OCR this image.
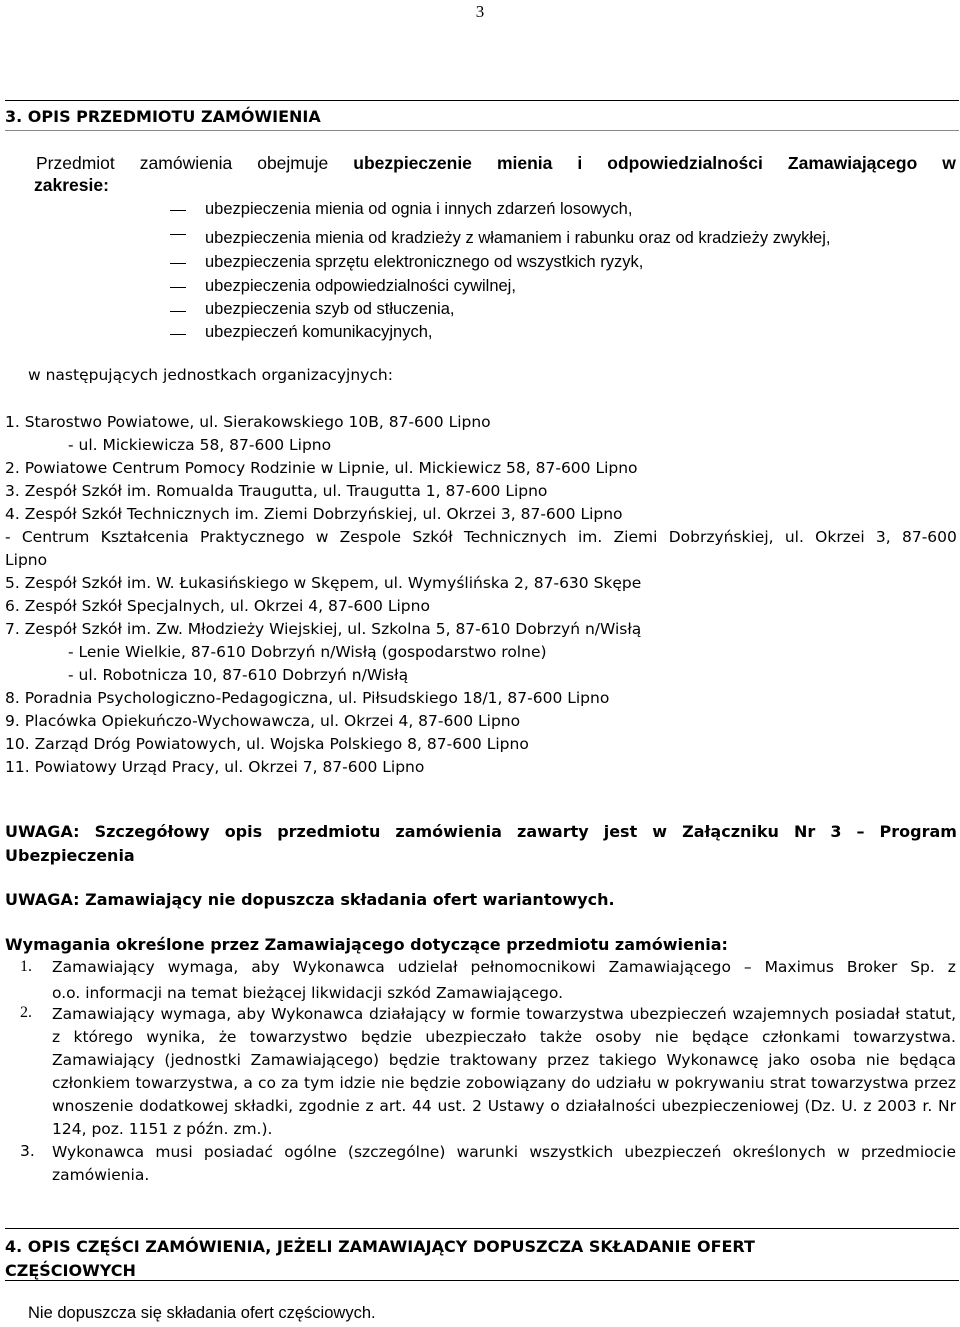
3
3. OPIS PRZEDMIOTU ZAMÓWIENIA
Przedmiot zamówienia obejmuje ubezpieczenie mienia i odpowiedzialności Zamawiającego w
zakresie:
ubezpieczenia mienia od ognia i innych zdarzeń losowych,
ubezpieczenia mienia od kradzieży z włamaniem i rabunku oraz od kradzieży zwykłej,
ubezpieczenia sprzętu elektronicznego od wszystkich ryzyk,
ubezpieczenia odpowiedzialności cywilnej,
ubezpieczenia szyb od stłuczenia,
ubezpieczeń komunikacyjnych,
w następujących jednostkach organizacyjnych:
1. Starostwo Powiatowe, ul. Sierakowskiego 10B, 87-600 Lipno
- ul. Mickiewicza 58, 87-600 Lipno
2. Powiatowe Centrum Pomocy Rodzinie w Lipnie, ul. Mickiewicz 58, 87-600 Lipno
3. Zespół Szkół im. Romualda Traugutta, ul. Traugutta 1, 87-600 Lipno
4. Zespół Szkół Technicznych im. Ziemi Dobrzyńskiej, ul. Okrzei 3, 87-600 Lipno
- Centrum Kształcenia Praktycznego w Zespole Szkół Technicznych im. Ziemi Dobrzyńskiej, ul. Okrzei 3, 87-600
Lipno
5. Zespół Szkół im. W. Łukasińskiego w Skępem, ul. Wymyślińska 2, 87-630 Skępe
6. Zespół Szkół Specjalnych, ul. Okrzei 4, 87-600 Lipno
7. Zespół Szkół im. Zw. Młodzieży Wiejskiej, ul. Szkolna 5, 87-610 Dobrzyń n/Wisłą
- Lenie Wielkie, 87-610 Dobrzyń n/Wisłą (gospodarstwo rolne)
- ul. Robotnicza 10, 87-610 Dobrzyń n/Wisłą
8. Poradnia Psychologiczno-Pedagogiczna, ul. Piłsudskiego 18/1, 87-600 Lipno
9. Placówka Opiekuńczo-Wychowawcza, ul. Okrzei 4, 87-600 Lipno
10. Zarząd Dróg Powiatowych, ul. Wojska Polskiego 8, 87-600 Lipno
11. Powiatowy Urząd Pracy, ul. Okrzei 7, 87-600 Lipno
UWAGA: Szczegółowy opis przedmiotu zamówienia zawarty jest w Załączniku Nr 3 – Program
Ubezpieczenia
UWAGA: Zamawiający nie dopuszcza składania ofert wariantowych.
Wymagania określone przez Zamawiającego dotyczące przedmiotu zamówienia:
1. Zamawiający wymaga, aby Wykonawca udzielał pełnomocnikowi Zamawiającego – Maximus Broker Sp. z
o.o. informacji na temat bieżącej likwidacji szkód Zamawiającego.
2. Zamawiający wymaga, aby Wykonawca działający w formie towarzystwa ubezpieczeń wzajemnych posiadał statut, z którego wynika, że towarzystwo będzie ubezpieczało także osoby nie będące członkami towarzystwa. Zamawiający (jednostki Zamawiającego) będzie traktowany przez takiego Wykonawcę jako osoba nie będąca członkiem towarzystwa, a co za tym idzie nie będzie zobowiązany do udziału w pokrywaniu strat towarzystwa przez wnoszenie dodatkowej składki, zgodnie z art. 44 ust. 2 Ustawy o działalności ubezpieczeniowej (Dz. U. z 2003 r. Nr 124, poz. 1151 z późn. zm.).
3. Wykonawca musi posiadać ogólne (szczególne) warunki wszystkich ubezpieczeń określonych w przedmiocie zamówienia.
4. OPIS CZĘŚCI ZAMÓWIENIA, JEŻELI ZAMAWIAJĄCY DOPUSZCZA SKŁADANIE OFERT CZĘŚCIOWYCH
Nie dopuszcza się składania ofert częściowych.
